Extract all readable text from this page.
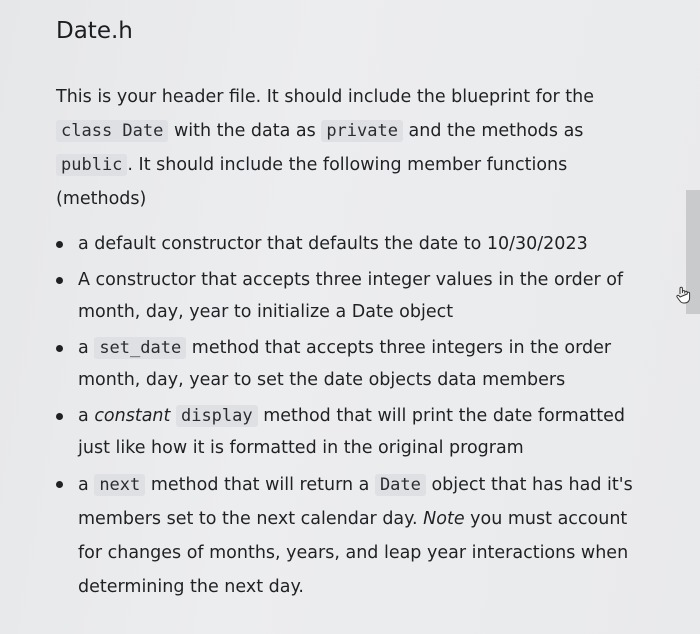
Date.h
This is your header file. It should include the blueprint for the class Date with the data as private and the methods as public . It should include the following member functions (methods)
a default constructor that defaults the date to 10/30/2023
A constructor that accepts three integer values in the order of month, day, year to initialize a Date object
a set_date method that accepts three integers in the order month, day, year to set the date objects data members
a constant display method that will print the date formatted just like how it is formatted in the original program
a next method that will return a Date object that has had it's members set to the next calendar day. Note you must account for changes of months, years, and leap year interactions when determining the next day.
